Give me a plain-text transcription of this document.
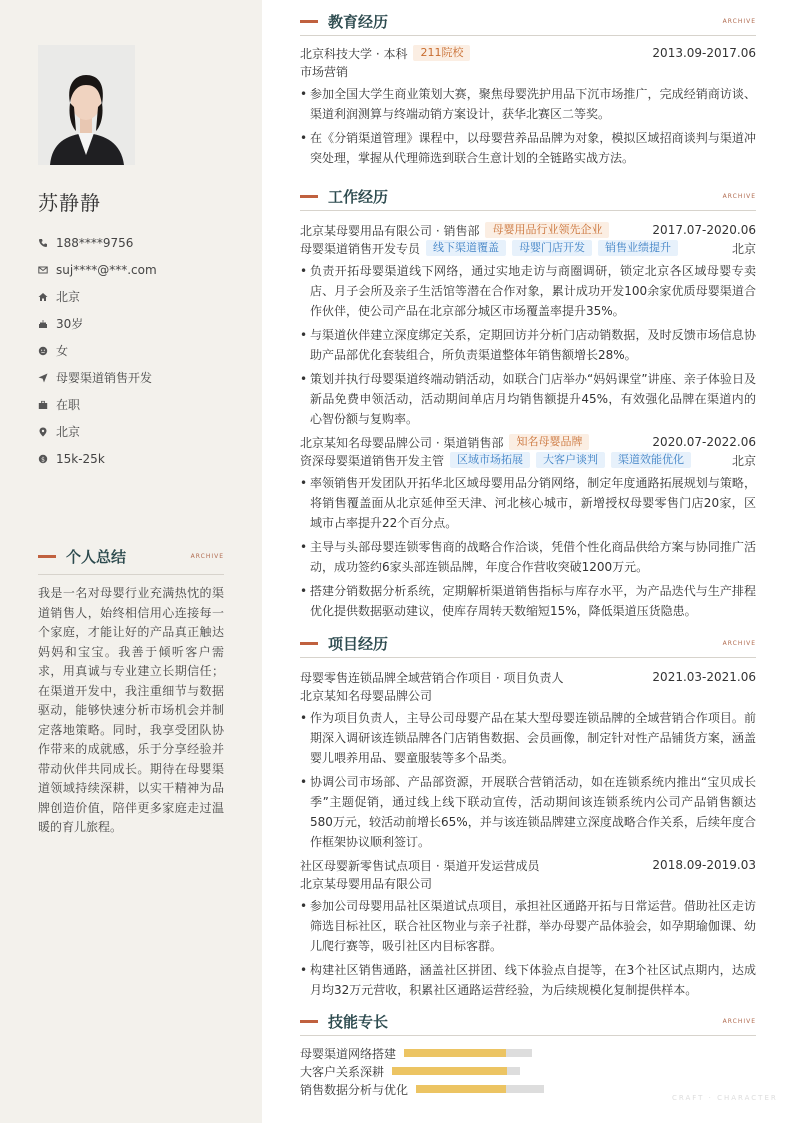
苏静静
188****9756
suj****@***.com
北京
30岁
女
母婴渠道销售开发
在职
北京
$ 15k-25k
个人总结	ARCHIVE
我是一名对母婴行业充满热忱的渠道销售人，始终相信用心连接每一个家庭，才能让好的产品真正触达妈妈和宝宝。我善于倾听客户需求，用真诚与专业建立长期信任；在渠道开发中，我注重细节与数据驱动，能够快速分析市场机会并制定落地策略。同时，我享受团队协作带来的成就感，乐于分享经验并带动伙伴共同成长。期待在母婴渠道领域持续深耕，以实干精神为品牌创造价值，陪伴更多家庭走过温暖的育儿旅程。
教育经历	ARCHIVE
北京科技大学 · 本科	211院校	2013.09-2017.06
市场营销
• 参加全国大学生商业策划大赛，聚焦母婴洗护用品下沉市场推广，完成经销商访谈、渠道利润测算与终端动销方案设计，获华北赛区二等奖。
• 在《分销渠道管理》课程中，以母婴营养品品牌为对象，模拟区域招商谈判与渠道冲突处理，掌握从代理筛选到联合生意计划的全链路实战方法。
工作经历	ARCHIVE
北京某母婴用品有限公司 · 销售部	母婴用品行业领先企业	2017.07-2020.06
母婴渠道销售开发专员	线下渠道覆盖	母婴门店开发	销售业绩提升	北京
• 负责开拓母婴渠道线下网络，通过实地走访与商圈调研，锁定北京各区域母婴专卖店、月子会所及亲子生活馆等潜在合作对象，累计成功开发100余家优质母婴渠道合作伙伴，使公司产品在北京部分城区市场覆盖率提升35%。
• 与渠道伙伴建立深度绑定关系，定期回访并分析门店动销数据，及时反馈市场信息协助产品部优化套装组合，所负责渠道整体年销售额增长28%。
• 策划并执行母婴渠道终端动销活动，如联合门店举办“妈妈课堂”讲座、亲子体验日及新品免费申领活动，活动期间单店月均销售额提升45%，有效强化品牌在渠道内的心智份额与复购率。
北京某知名母婴品牌公司 · 渠道销售部	知名母婴品牌	2020.07-2022.06
资深母婴渠道销售开发主管	区域市场拓展	大客户谈判	渠道效能优化	北京
• 率领销售开发团队开拓华北区域母婴用品分销网络，制定年度通路拓展规划与策略，将销售覆盖面从北京延伸至天津、河北核心城市，新增授权母婴零售门店20家，区域市占率提升22个百分点。
• 主导与头部母婴连锁零售商的战略合作洽谈，凭借个性化商品供给方案与协同推广活动，成功签约6家头部连锁品牌，年度合作营收突破1200万元。
• 搭建分销数据分析系统，定期解析渠道销售指标与库存水平，为产品迭代与生产排程优化提供数据驱动建议，使库存周转天数缩短15%，降低渠道压货隐患。
项目经历	ARCHIVE
母婴零售连锁品牌全域营销合作项目 · 项目负责人	2021.03-2021.06
北京某知名母婴品牌公司
• 作为项目负责人，主导公司母婴产品在某大型母婴连锁品牌的全域营销合作项目。前期深入调研该连锁品牌各门店销售数据、会员画像，制定针对性产品铺货方案，涵盖婴儿喂养用品、婴童服装等多个品类。
• 协调公司市场部、产品部资源，开展联合营销活动，如在连锁系统内推出“宝贝成长季”主题促销，通过线上线下联动宣传，活动期间该连锁系统内公司产品销售额达580万元，较活动前增长65%，并与该连锁品牌建立深度战略合作关系，后续年度合作框架协议顺利签订。
社区母婴新零售试点项目 · 渠道开发运营成员	2018.09-2019.03
北京某母婴用品有限公司
• 参加公司母婴用品社区渠道试点项目，承担社区通路开拓与日常运营。借助社区走访筛选目标社区，联合社区物业与亲子社群，举办母婴产品体验会，如孕期瑜伽课、幼儿爬行赛等，吸引社区内目标客群。
• 构建社区销售通路，涵盖社区拼团、线下体验点自提等，在3个社区试点期内，达成月均32万元营收，积累社区通路运营经验，为后续规模化复制提供样本。
技能专长	ARCHIVE
母婴渠道网络搭建
大客户关系深耕
销售数据分析与优化
CRAFT · CHARACTER
